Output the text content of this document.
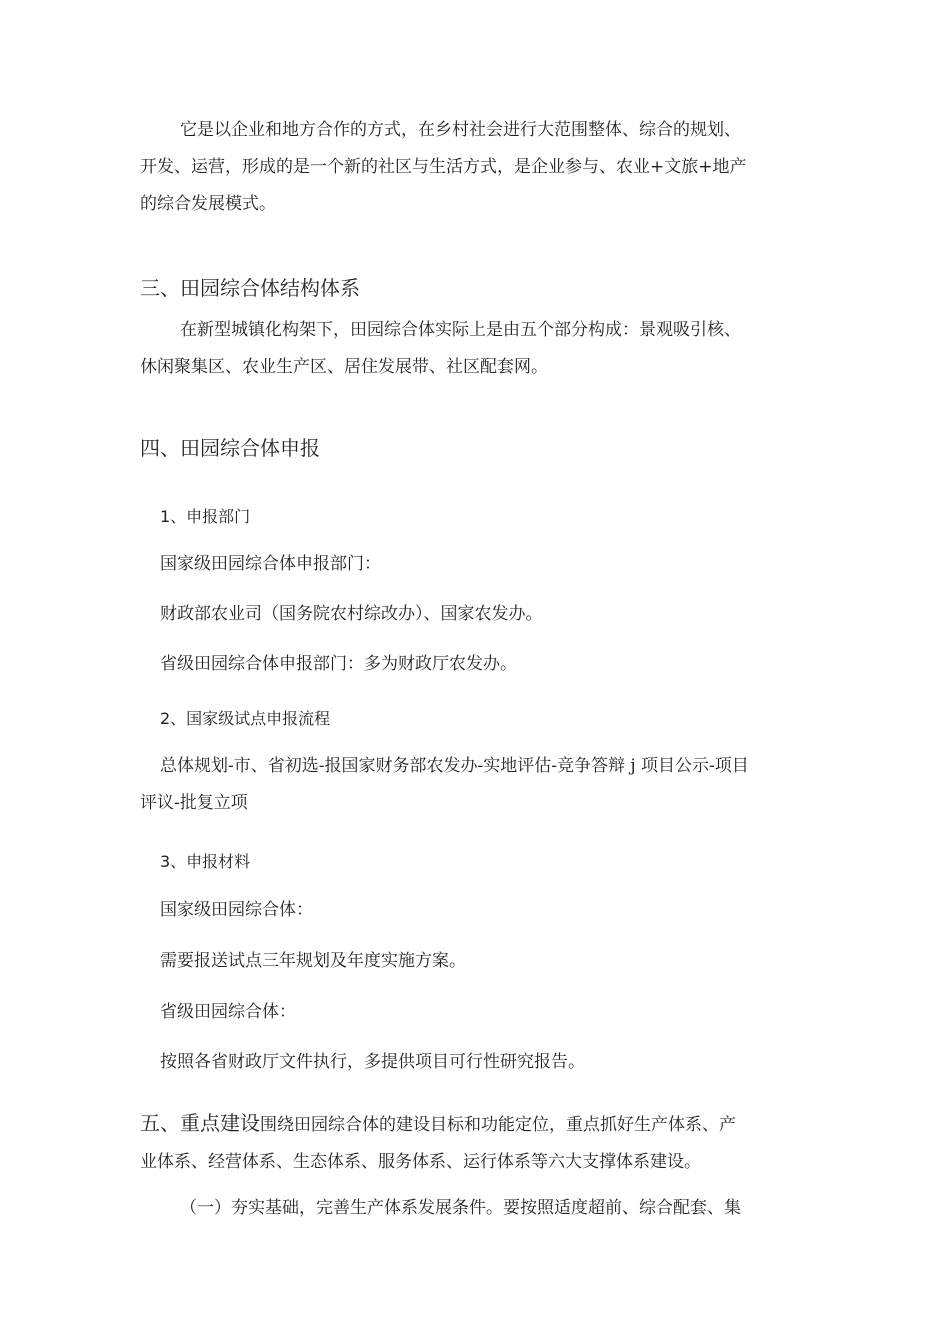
它是以企业和地方合作的方式，在乡村社会进行大范围整体、综合的规划、
开发、运营，形成的是一个新的社区与生活方式，是企业参与、农业+文旅+地产
的综合发展模式。
三、田园综合体结构体系
在新型城镇化构架下，田园综合体实际上是由五个部分构成：景观吸引核、
休闲聚集区、农业生产区、居住发展带、社区配套网。
四、田园综合体申报
1、申报部门
国家级田园综合体申报部门：
财政部农业司（国务院农村综改办）、国家农发办。
省级田园综合体申报部门：多为财政厅农发办。
2、国家级试点申报流程
总体规划-市、省初选-报国家财务部农发办-实地评估-竞争答辩 j 项目公示-项目
评议-批复立项
3、申报材料
国家级田园综合体：
需要报送试点三年规划及年度实施方案。
省级田园综合体：
按照各省财政厅文件执行，多提供项目可行性研究报告。
五、重点建设围绕田园综合体的建设目标和功能定位，重点抓好生产体系、产
业体系、经营体系、生态体系、服务体系、运行体系等六大支撑体系建设。
（一）夯实基础，完善生产体系发展条件。要按照适度超前、综合配套、集
